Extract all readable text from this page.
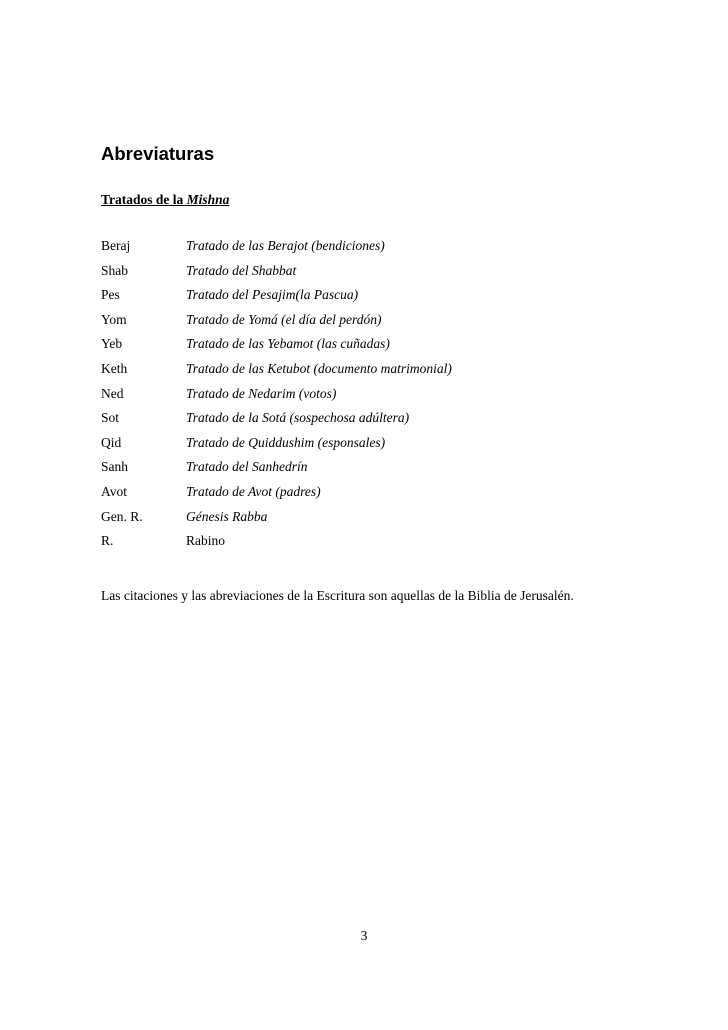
Abreviaturas

Tratados de la Mishna

Beraj	Tratado de las Berajot (bendiciones)
Shab	Tratado del Shabbat
Pes	Tratado del Pesajim(la Pascua)
Yom	Tratado de Yomá (el día del perdón)
Yeb	Tratado de las Yebamot (las cuñadas)
Keth	Tratado de las Ketubot (documento matrimonial)
Ned	Tratado de Nedarim (votos)
Sot	Tratado de la Sotá (sospechosa adúltera)
Qid	Tratado de Quiddushim (esponsales)
Sanh	Tratado del Sanhedrín
Avot	Tratado de Avot (padres)
Gen. R.	Génesis Rabba
R.	Rabino

Las citaciones y las abreviaciones de la Escritura son aquellas de la Biblia de Jerusalén.

3
